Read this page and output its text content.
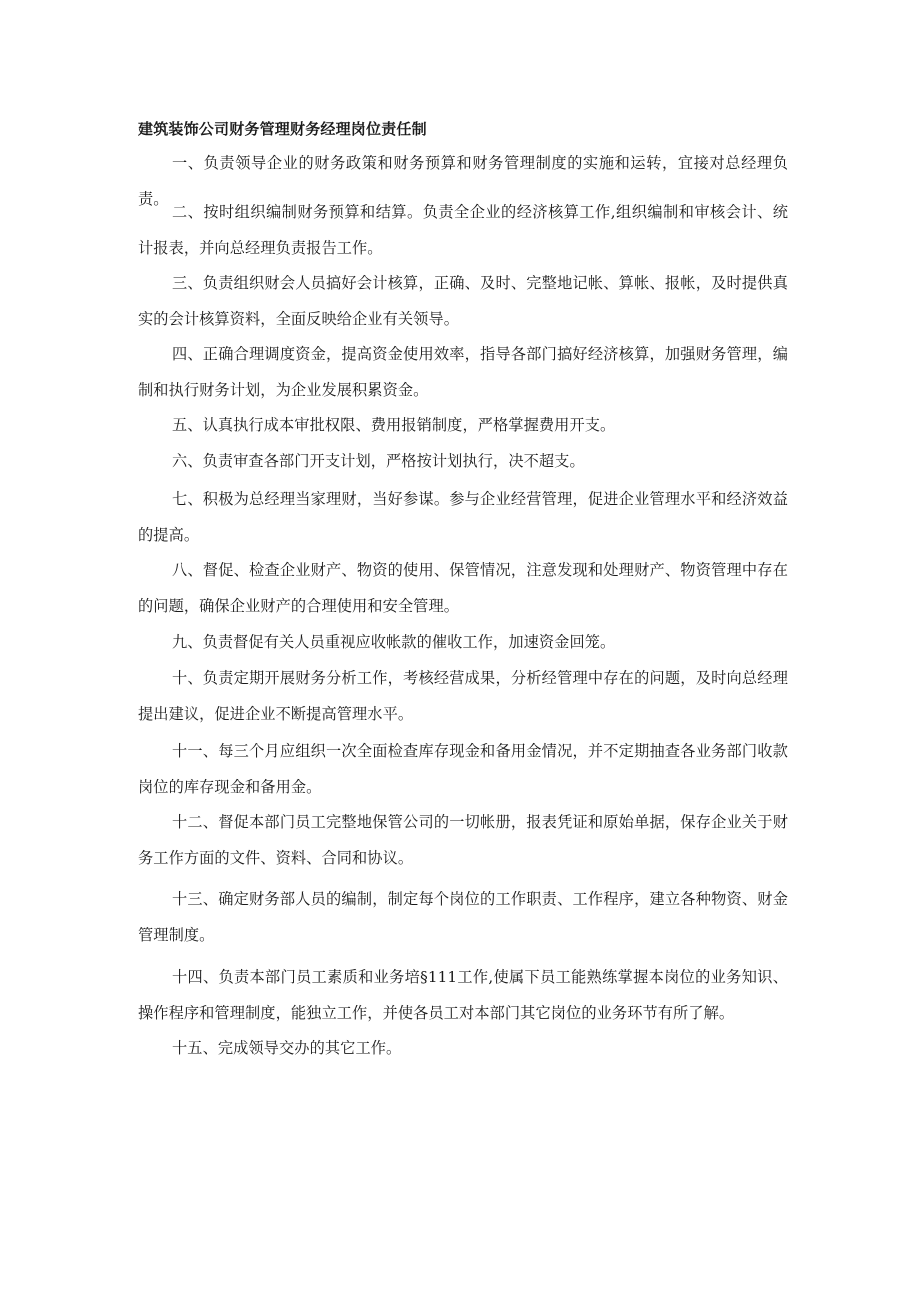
建筑装饰公司财务管理财务经理岗位责任制

一、负责领导企业的财务政策和财务预算和财务管理制度的实施和运转，宜接对总经理负责。

二、按时组织编制财务预算和结算。负责全企业的经济核算工作,组织编制和审核会计、统计报表，并向总经理负责报告工作。

三、负责组织财会人员搞好会计核算，正确、及时、完整地记帐、算帐、报帐，及时提供真实的会计核算资料，全面反映给企业有关领导。

四、正确合理调度资金，提高资金使用效率，指导各部门搞好经济核算，加强财务管理，编制和执行财务计划，为企业发展积累资金。

五、认真执行成本审批权限、费用报销制度，严格掌握费用开支。

六、负责审查各部门开支计划，严格按计划执行，决不超支。

七、积极为总经理当家理财，当好参谋。参与企业经营管理，促进企业管理水平和经济效益的提高。

八、督促、检查企业财产、物资的使用、保管情况，注意发现和处理财产、物资管理中存在的问题，确保企业财产的合理使用和安全管理。

九、负责督促有关人员重视应收帐款的催收工作，加速资金回笼。

十、负责定期开展财务分析工作，考核经营成果，分析经管理中存在的问题，及时向总经理提出建议，促进企业不断提高管理水平。

十一、每三个月应组织一次全面检查库存现金和备用金情况，并不定期抽查各业务部门收款岗位的库存现金和备用金。

十二、督促本部门员工完整地保管公司的一切帐册，报表凭证和原始单据，保存企业关于财务工作方面的文件、资料、合同和协议。

十三、确定财务部人员的编制，制定每个岗位的工作职责、工作程序，建立各种物资、财金管理制度。

十四、负责本部门员工素质和业务培§111工作,使属下员工能熟练掌握本岗位的业务知识、操作程序和管理制度，能独立工作，并使各员工对本部门其它岗位的业务环节有所了解。

十五、完成领导交办的其它工作。
